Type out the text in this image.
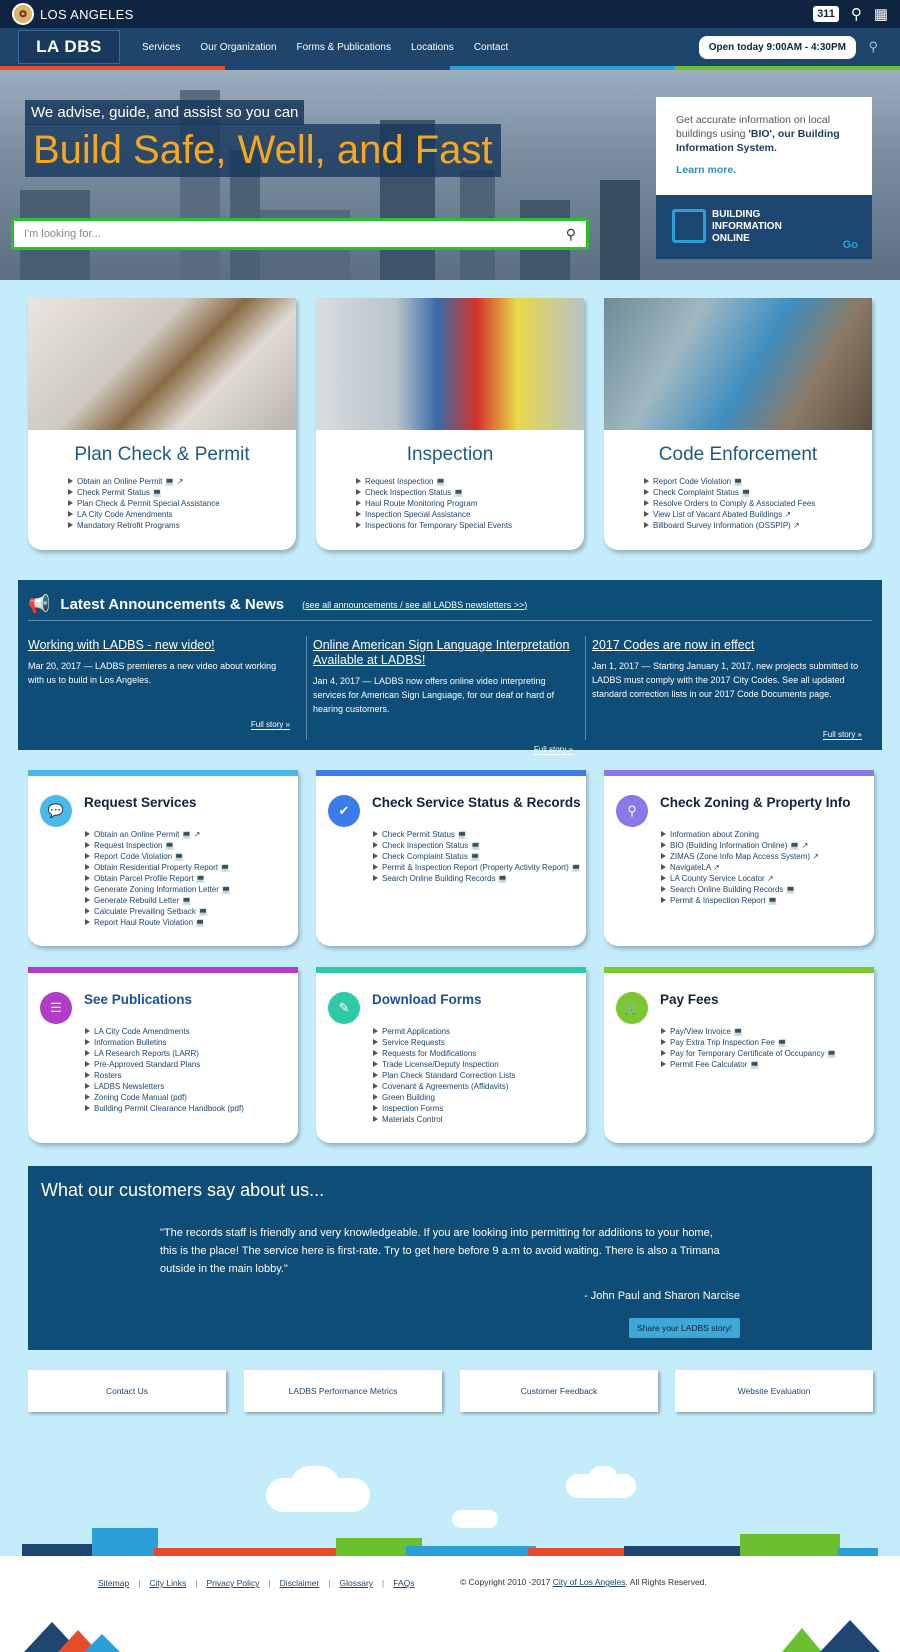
✪	LOS ANGELES	311 ⚲ ▦
LA DBS	Services Our Organization Forms & Publications Locations Contact	Open today 9:00AM - 4:30PM	⚲
We advise, guide, and assist so you can
Build Safe, Well, and Fast
I'm looking for...
⚲
Get accurate information on local buildings using 'BIO', our Building Information System.
Learn more.
BUILDING
INFORMATION
ONLINE
Go
Plan Check & Permit
Obtain an Online Permit 💻 ↗
Check Permit Status 💻
Plan Check & Permit Special Assistance
LA City Code Amendments
Mandatory Retrofit Programs
Inspection
Request Inspection 💻
Check Inspection Status 💻
Haul Route Monitoring Program
Inspection Special Assistance
Inspections for Temporary Special Events
Code Enforcement
Report Code Violation 💻
Check Complaint Status 💻
Resolve Orders to Comply & Associated Fees
View List of Vacant Abated Buildings ↗
Billboard Survey Information (OSSPIP) ↗
📢 Latest Announcements & News (see all announcements / see all LADBS newsletters >>)
Working with LADBS - new video!

Mar 20, 2017 — LADBS premieres a new video about working with us to build in Los Angeles.

Full story »
Online American Sign Language Interpretation Available at LADBS!

Jan 4, 2017 — LADBS now offers online video interpreting services for American Sign Language, for our deaf or hard of hearing customers.

Full story »
2017 Codes are now in effect

Jan 1, 2017 — Starting January 1, 2017, new projects submitted to LADBS must comply with the 2017 City Codes. See all updated standard correction lists in our 2017 Code Documents page.

Full story »
💬
Request Services
Obtain an Online Permit 💻 ↗
Request Inspection 💻
Report Code Violation 💻
Obtain Residential Property Report 💻
Obtain Parcel Profile Report 💻
Generate Zoning Information Letter 💻
Generate Rebuild Letter 💻
Calculate Prevailing Setback 💻
Report Haul Route Violation 💻
✔
Check Service Status & Records
Check Permit Status 💻
Check Inspection Status 💻
Check Complaint Status 💻
Permit & Inspection Report (Property Activity Report) 💻
Search Online Building Records 💻
⚲
Check Zoning & Property Info
Information about Zoning
BIO (Building Information Online) 💻 ↗
ZIMAS (Zone Info Map Access System) ↗
NavigateLA ↗
LA County Service Locator ↗
Search Online Building Records 💻
Permit & Inspection Report 💻
☰
See Publications
LA City Code Amendments
Information Bulletins
LA Research Reports (LARR)
Pre-Approved Standard Plans
Rosters
LADBS Newsletters
Zoning Code Manual (pdf)
Building Permit Clearance Handbook (pdf)
✎
Download Forms
Permit Applications
Service Requests
Requests for Modifications
Trade License/Deputy Inspection
Plan Check Standard Correction Lists
Covenant & Agreements (Affidavits)
Green Building
Inspection Forms
Materials Control
🛒
Pay Fees
Pay/View Invoice 💻
Pay Extra Trip Inspection Fee 💻
Pay for Temporary Certificate of Occupancy 💻
Permit Fee Calculator 💻
What our customers say about us...

"The records staff is friendly and very knowledgeable. If you are looking into permitting for additions to your home, this is the place! The service here is first-rate. Try to get here before 9 a.m to avoid waiting. There is also a Trimana outside in the main lobby."

- John Paul and Sharon Narcise
Share your LADBS story!
Contact Us	LADBS Performance Metrics	Customer Feedback	Website Evaluation
Sitemap | City Links | Privacy Policy | Disclaimer | Glossary | FAQs	© Copyright 2010 -2017 City of Los Angeles. All Rights Reserved.
